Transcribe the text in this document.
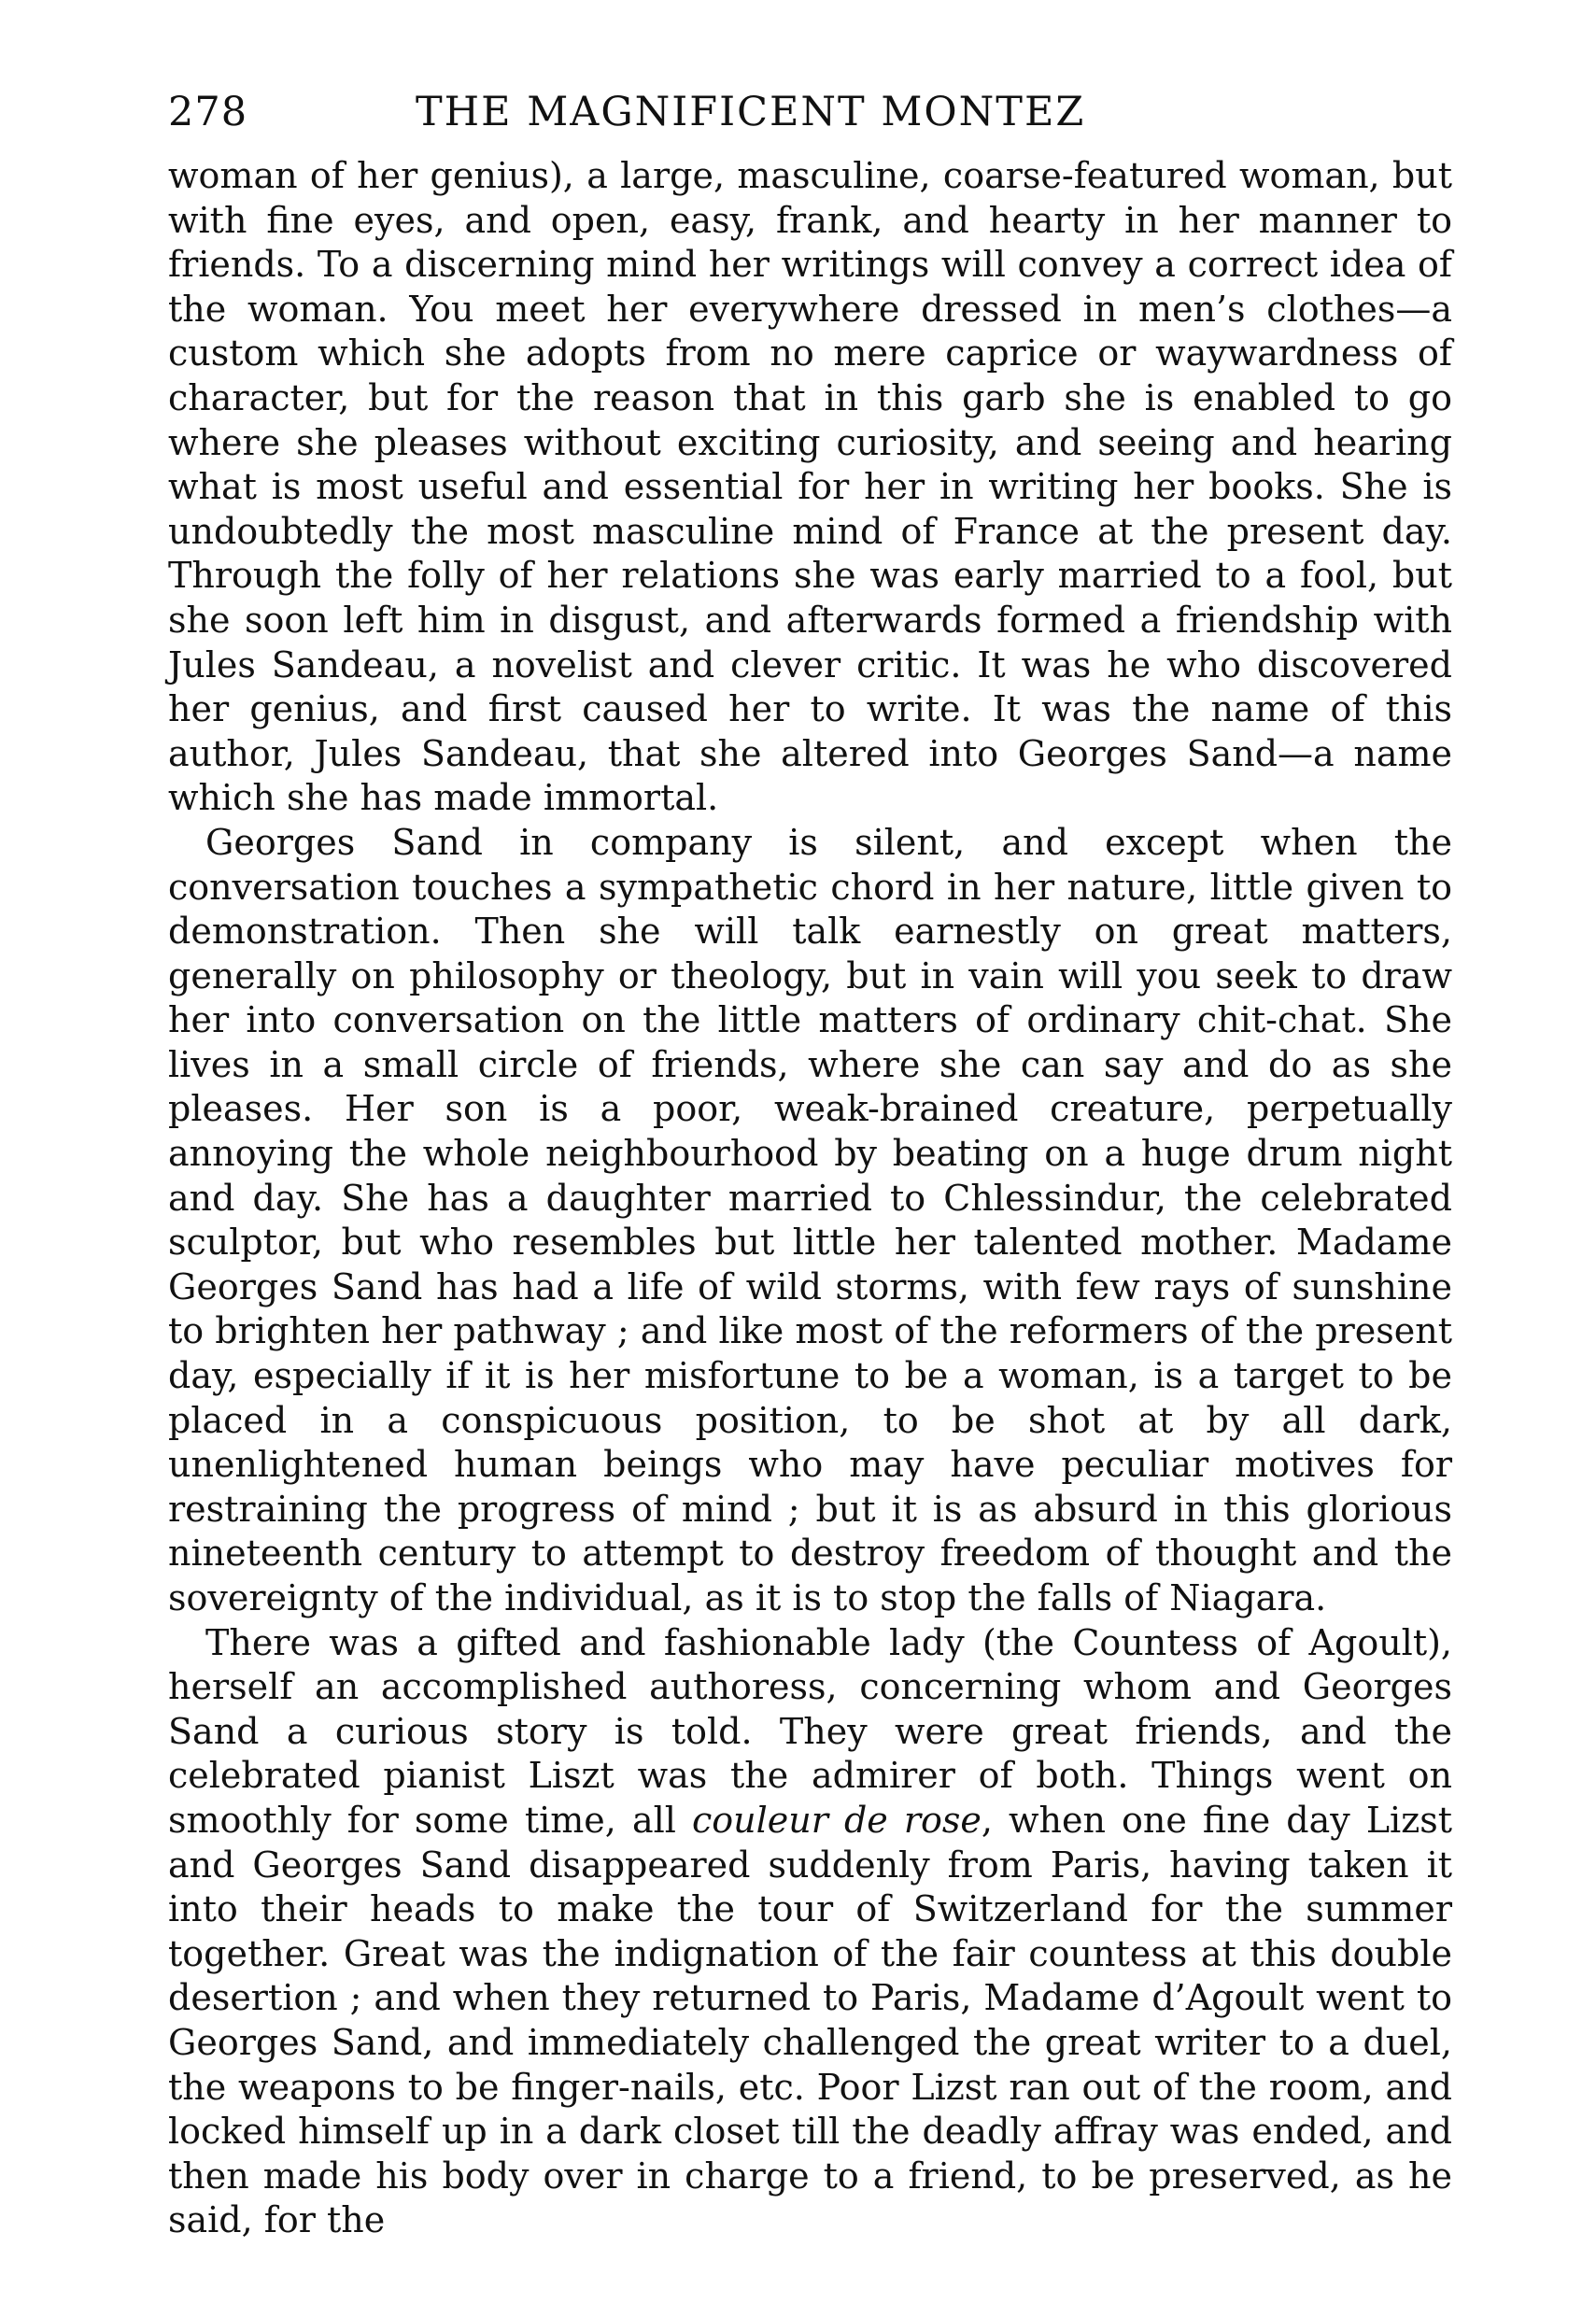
278	THE MAGNIFICENT MONTEZ

woman of her genius), a large, masculine, coarse-featured woman, but with fine eyes, and open, easy, frank, and hearty in her manner to friends. To a discerning mind her writings will convey a correct idea of the woman. You meet her everywhere dressed in men’s clothes—a custom which she adopts from no mere caprice or waywardness of character, but for the reason that in this garb she is enabled to go where she pleases without exciting curiosity, and seeing and hearing what is most useful and essential for her in writing her books. She is undoubtedly the most masculine mind of France at the present day. Through the folly of her relations she was early married to a fool, but she soon left him in disgust, and afterwards formed a friendship with Jules Sandeau, a novelist and clever critic. It was he who discovered her genius, and first caused her to write. It was the name of this author, Jules Sandeau, that she altered into Georges Sand—a name which she has made immortal.

Georges Sand in company is silent, and except when the conversation touches a sympathetic chord in her nature, little given to demonstration. Then she will talk earnestly on great matters, generally on philosophy or theology, but in vain will you seek to draw her into conversation on the little matters of ordinary chit-chat. She lives in a small circle of friends, where she can say and do as she pleases. Her son is a poor, weak-brained creature, perpetually annoying the whole neighbourhood by beating on a huge drum night and day. She has a daughter married to Chlessindur, the celebrated sculptor, but who resembles but little her talented mother. Madame Georges Sand has had a life of wild storms, with few rays of sunshine to brighten her pathway ; and like most of the reformers of the present day, especially if it is her misfortune to be a woman, is a target to be placed in a conspicuous position, to be shot at by all dark, unenlightened human beings who may have peculiar motives for restraining the progress of mind ; but it is as absurd in this glorious nineteenth century to attempt to destroy freedom of thought and the sovereignty of the individual, as it is to stop the falls of Niagara.

There was a gifted and fashionable lady (the Countess of Agoult), herself an accomplished authoress, concerning whom and Georges Sand a curious story is told. They were great friends, and the celebrated pianist Liszt was the admirer of both. Things went on smoothly for some time, all couleur de rose, when one fine day Lizst and Georges Sand disappeared suddenly from Paris, having taken it into their heads to make the tour of Switzerland for the summer together. Great was the indignation of the fair countess at this double desertion ; and when they returned to Paris, Madame d’Agoult went to Georges Sand, and immediately challenged the great writer to a duel, the weapons to be finger-nails, etc. Poor Lizst ran out of the room, and locked himself up in a dark closet till the deadly affray was ended, and then made his body over in charge to a friend, to be preserved, as he said, for the
